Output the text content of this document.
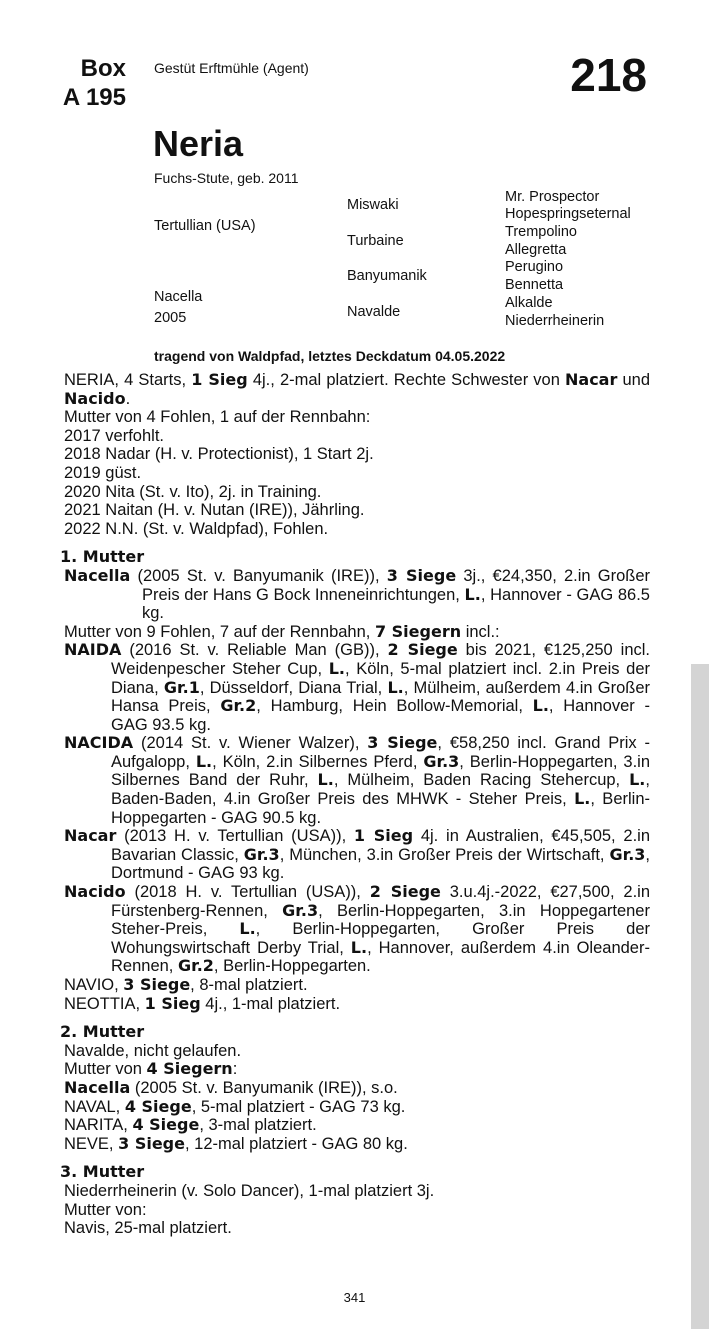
Box
A 195
Gestüt Erftmühle (Agent)	218
Neria
Fuchs-Stute, geb. 2011
Tertullian (USA)
Nacella
2005
Miswaki
Turbaine
Banyumanik
Navalde
Mr. Prospector
Hopespringseternal
Trempolino
Allegretta
Perugino
Bennetta
Alkalde
Niederrheinerin
tragend von Waldpfad, letztes Deckdatum 04.05.2022

NERIA, 4 Starts, 1 Sieg 4j., 2-mal platziert. Rechte Schwester von Nacar und Nacido.

Mutter von 4 Fohlen, 1 auf der Rennbahn:

2017 verfohlt.

2018 Nadar (H. v. Protectionist), 1 Start 2j.

2019 güst.

2020 Nita (St. v. Ito), 2j. in Training.

2021 Naitan (H. v. Nutan (IRE)), Jährling.

2022 N.N. (St. v. Waldpfad), Fohlen.

1. Mutter

Nacella (2005 St. v. Banyumanik (IRE)), 3 Siege 3j., €24,350, 2.in Großer Preis der Hans G Bock Inneneinrichtungen, L., Hannover - GAG 86.5 kg.

Mutter von 9 Fohlen, 7 auf der Rennbahn, 7 Siegern incl.:

NAIDA (2016 St. v. Reliable Man (GB)), 2 Siege bis 2021, €125,250 incl. Weidenpescher Steher Cup, L., Köln, 5-mal platziert incl. 2.in Preis der Diana, Gr.1, Düsseldorf, Diana Trial, L., Mülheim, außerdem 4.in Großer Hansa Preis, Gr.2, Hamburg, Hein Bollow-Memorial, L., Hannover - GAG 93.5 kg.

NACIDA (2014 St. v. Wiener Walzer), 3 Siege, €58,250 incl. Grand Prix -Aufgalopp, L., Köln, 2.in Silbernes Pferd, Gr.3, Berlin-Hoppegarten, 3.in Silbernes Band der Ruhr, L., Mülheim, Baden Racing Stehercup, L., Baden-Baden, 4.in Großer Preis des MHWK - Steher Preis, L., Berlin-Hoppegarten - GAG 90.5 kg.

Nacar (2013 H. v. Tertullian (USA)), 1 Sieg 4j. in Australien, €45,505, 2.in Bavarian Classic, Gr.3, München, 3.in Großer Preis der Wirtschaft, Gr.3, Dortmund - GAG 93 kg.

Nacido (2018 H. v. Tertullian (USA)), 2 Siege 3.u.4j.-2022, €27,500, 2.in Fürstenberg-Rennen, Gr.3, Berlin-Hoppegarten, 3.in Hoppegartener Steher-Preis, L., Berlin-Hoppegarten, Großer Preis der Wohungswirtschaft Derby Trial, L., Hannover, außerdem 4.in Oleander-Rennen, Gr.2, Berlin-Hoppegarten.

NAVIO, 3 Siege, 8-mal platziert.

NEOTTIA, 1 Sieg 4j., 1-mal platziert.

2. Mutter

Navalde, nicht gelaufen.

Mutter von 4 Siegern:

Nacella (2005 St. v. Banyumanik (IRE)), s.o.

NAVAL, 4 Siege, 5-mal platziert - GAG 73 kg.

NARITA, 4 Siege, 3-mal platziert.

NEVE, 3 Siege, 12-mal platziert - GAG 80 kg.

3. Mutter

Niederrheinerin (v. Solo Dancer), 1-mal platziert 3j.

Mutter von:

Navis, 25-mal platziert.

341
